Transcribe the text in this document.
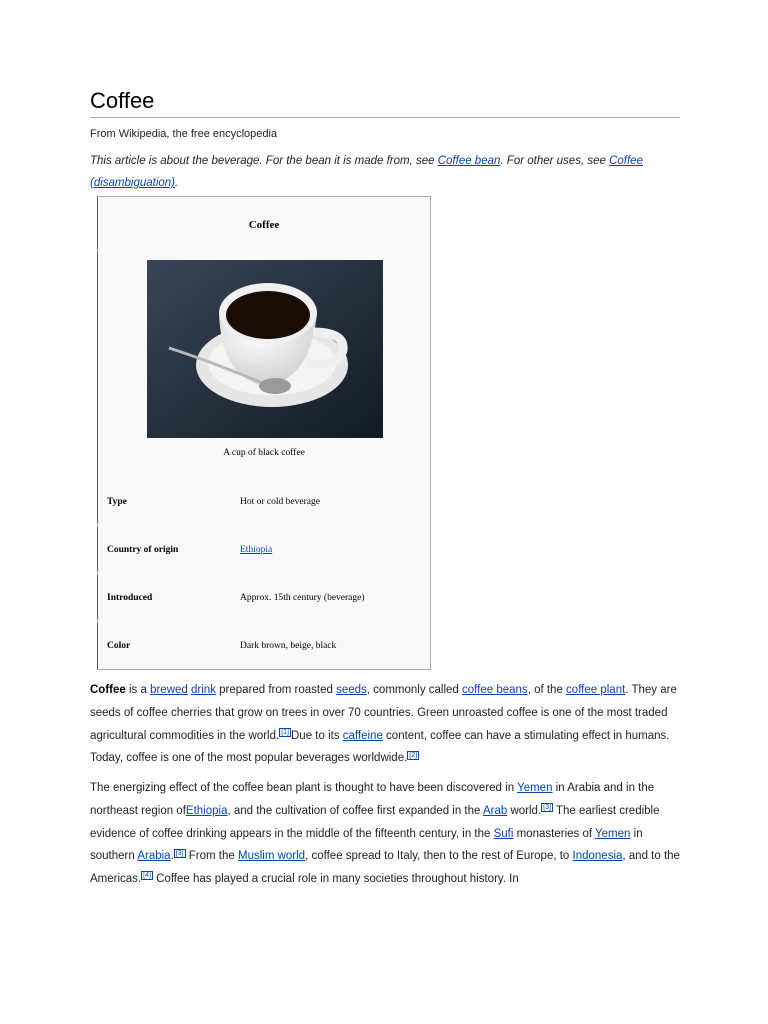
Coffee
From Wikipedia, the free encyclopedia
This article is about the beverage. For the bean it is made from, see Coffee bean. For other uses, see Coffee (disambiguation).
Coffee
A cup of black coffee
Type	Hot or cold beverage
Country of origin	Ethiopia
Introduced	Approx. 15th century (beverage)
Color	Dark brown, beige, black
Coffee is a brewed drink prepared from roasted seeds, commonly called coffee beans, of the coffee plant. They are seeds of coffee cherries that grow on trees in over 70 countries. Green unroasted coffee is one of the most traded agricultural commodities in the world. [1] Due to its caffeine content, coffee can have a stimulating effect in humans. Today, coffee is one of the most popular beverages worldwide. [2]
The energizing effect of the coffee bean plant is thought to have been discovered in Yemen in Arabia and in the northeast region ofEthiopia, and the cultivation of coffee first expanded in the Arab world. [3] The earliest credible evidence of coffee drinking appears in the middle of the fifteenth century, in the Sufi monasteries of Yemen in southern Arabia. [3] From the Muslim world, coffee spread to Italy, then to the rest of Europe, to Indonesia, and to the Americas. [4] Coffee has played a crucial role in many societies throughout history. In
